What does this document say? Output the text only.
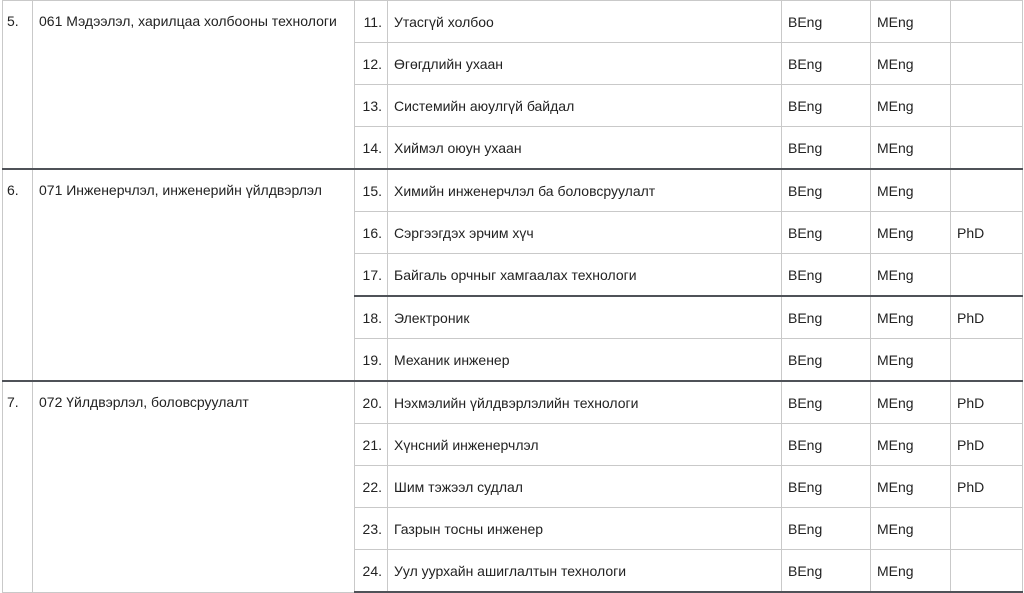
5.	061 Мэдээлэл, харилцаа холбооны технологи	11.	Утасгүй холбоо	BEng	MEng	
		12.	Өгөгдлийн ухаан	BEng	MEng	
		13.	Системийн аюулгүй байдал	BEng	MEng	
		14.	Хиймэл оюун ухаан	BEng	MEng	
6.	071 Инженерчлэл, инженерийн үйлдвэрлэл	15.	Химийн инженерчлэл ба боловсруулалт	BEng	MEng	
		16.	Сэргээгдэх эрчим хүч	BEng	MEng	PhD
		17.	Байгаль орчныг хамгаалах технологи	BEng	MEng	
		18.	Электроник	BEng	MEng	PhD
		19.	Механик инженер	BEng	MEng	
7.	072 Үйлдвэрлэл, боловсруулалт	20.	Нэхмэлийн үйлдвэрлэлийн технологи	BEng	MEng	PhD
		21.	Хүнсний инженерчлэл	BEng	MEng	PhD
		22.	Шим тэжээл судлал	BEng	MEng	PhD
		23.	Газрын тосны инженер	BEng	MEng	
		24.	Уул уурхайн ашиглалтын технологи	BEng	MEng	
